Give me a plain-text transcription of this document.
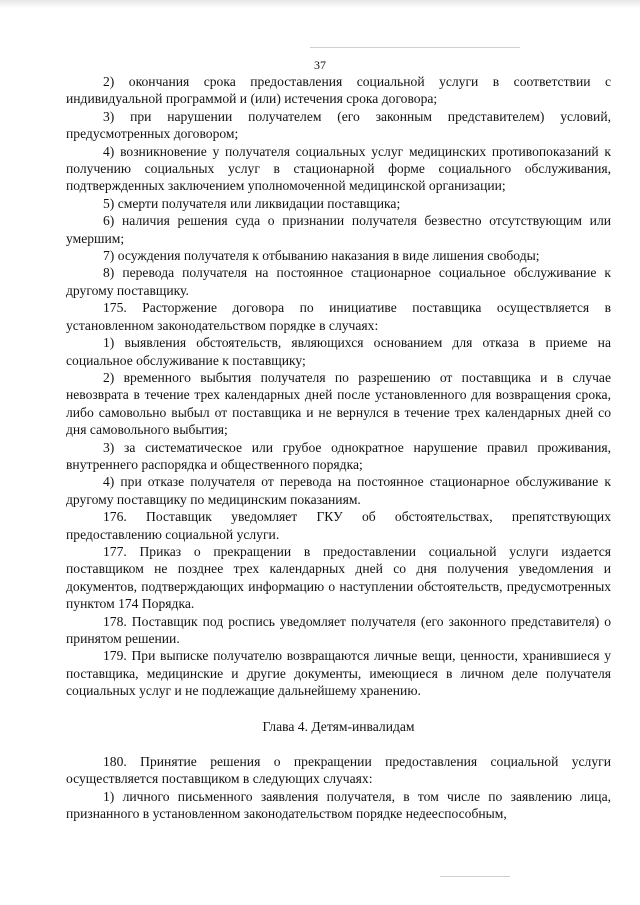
37

2) окончания срока предоставления социальной услуги в соответствии с индивидуальной программой и (или) истечения срока договора;

3) при нарушении получателем (его законным представителем) условий, предусмотренных договором;

4) возникновение у получателя социальных услуг медицинских противопоказаний к получению социальных услуг в стационарной форме социального обслуживания, подтвержденных заключением уполномоченной медицинской организации;

5) смерти получателя или ликвидации поставщика;

6) наличия решения суда о признании получателя безвестно отсутствующим или умершим;

7) осуждения получателя к отбыванию наказания в виде лишения свободы;

8) перевода получателя на постоянное стационарное социальное обслуживание к другому поставщику.

175. Расторжение договора по инициативе поставщика осуществляется в установленном законодательством порядке в случаях:

1) выявления обстоятельств, являющихся основанием для отказа в приеме на социальное обслуживание к поставщику;

2) временного выбытия получателя по разрешению от поставщика и в случае невозврата в течение трех календарных дней после установленного для возвращения срока, либо самовольно выбыл от поставщика и не вернулся в течение трех календарных дней со дня самовольного выбытия;

3) за систематическое или грубое однократное нарушение правил проживания, внутреннего распорядка и общественного порядка;

4) при отказе получателя от перевода на постоянное стационарное обслуживание к другому поставщику по медицинским показаниям.

176. Поставщик уведомляет ГКУ об обстоятельствах, препятствующих предоставлению социальной услуги.

177. Приказ о прекращении в предоставлении социальной услуги издается поставщиком не позднее трех календарных дней со дня получения уведомления и документов, подтверждающих информацию о наступлении обстоятельств, предусмотренных пунктом 174 Порядка.

178. Поставщик под роспись уведомляет получателя (его законного представителя) о принятом решении.

179. При выписке получателю возвращаются личные вещи, ценности, хранившиеся у поставщика, медицинские и другие документы, имеющиеся в личном деле получателя социальных услуг и не подлежащие дальнейшему хранению.

Глава 4. Детям-инвалидам

180. Принятие решения о прекращении предоставления социальной услуги осуществляется поставщиком в следующих случаях:

1) личного письменного заявления получателя, в том числе по заявлению лица, признанного в установленном законодательством порядке недееспособным,
